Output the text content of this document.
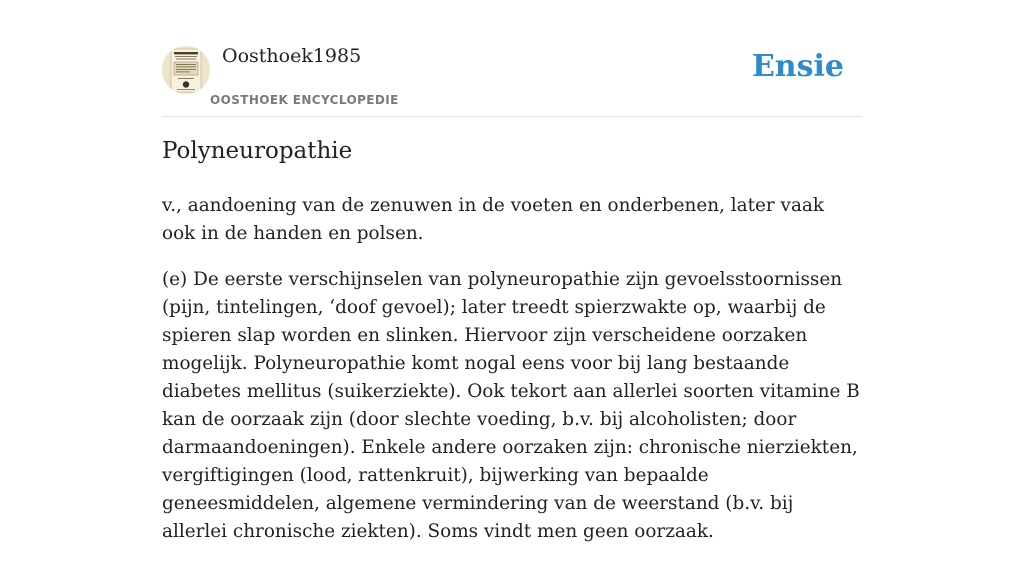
Oosthoek1985
OOSTHOEK ENCYCLOPEDIE
Ensie
Polyneuropathie

v., aandoening van de zenuwen in de voeten en onderbenen, later vaak ook in de handen en polsen.

(e) De eerste verschijnselen van polyneuropathie zijn gevoelsstoornissen (pijn, tintelingen, ‘doof gevoel); later treedt spierzwakte op, waarbij de spieren slap worden en slinken. Hiervoor zijn verscheidene oorzaken mogelijk. Polyneuropathie komt nogal eens voor bij lang bestaande diabetes mellitus (suikerziekte). Ook tekort aan allerlei soorten vitamine B kan de oorzaak zijn (door slechte voeding, b.v. bij alcoholisten; door darmaandoeningen). Enkele andere oorzaken zijn: chronische nierziekten, vergiftigingen (lood, rattenkruit), bijwerking van bepaalde geneesmiddelen, algemene vermindering van de weerstand (b.v. bij allerlei chronische ziekten). Soms vindt men geen oorzaak.
